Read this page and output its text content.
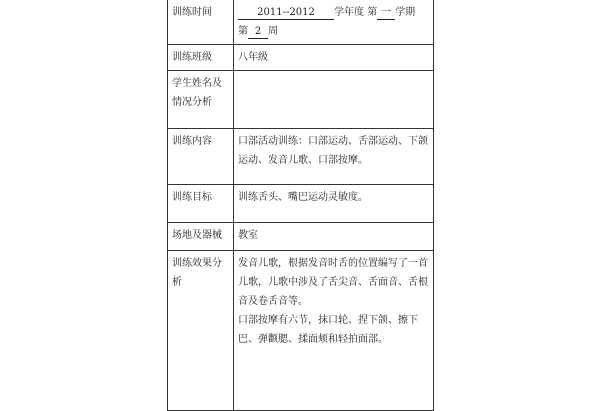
训练时间	2011--2012 学年度 第 一 学期
第 2 周
训练班级	八年级
学生姓名及情况分析	
训练内容	口部活动训练：口部运动、舌部运动、下颌运动、发音儿歌、口部按摩。
训练目标	训练舌头、嘴巴运动灵敏度。
场地及器械	教室
训练效果分析	发音儿歌，根据发音时舌的位置编写了一首儿歌，儿歌中涉及了舌尖音、舌面音、舌根音及卷舌音等。
口部按摩有六节，抹口轮、捏下颌、擦下巴、弹颧腮、揉面颊和轻拍面部。
